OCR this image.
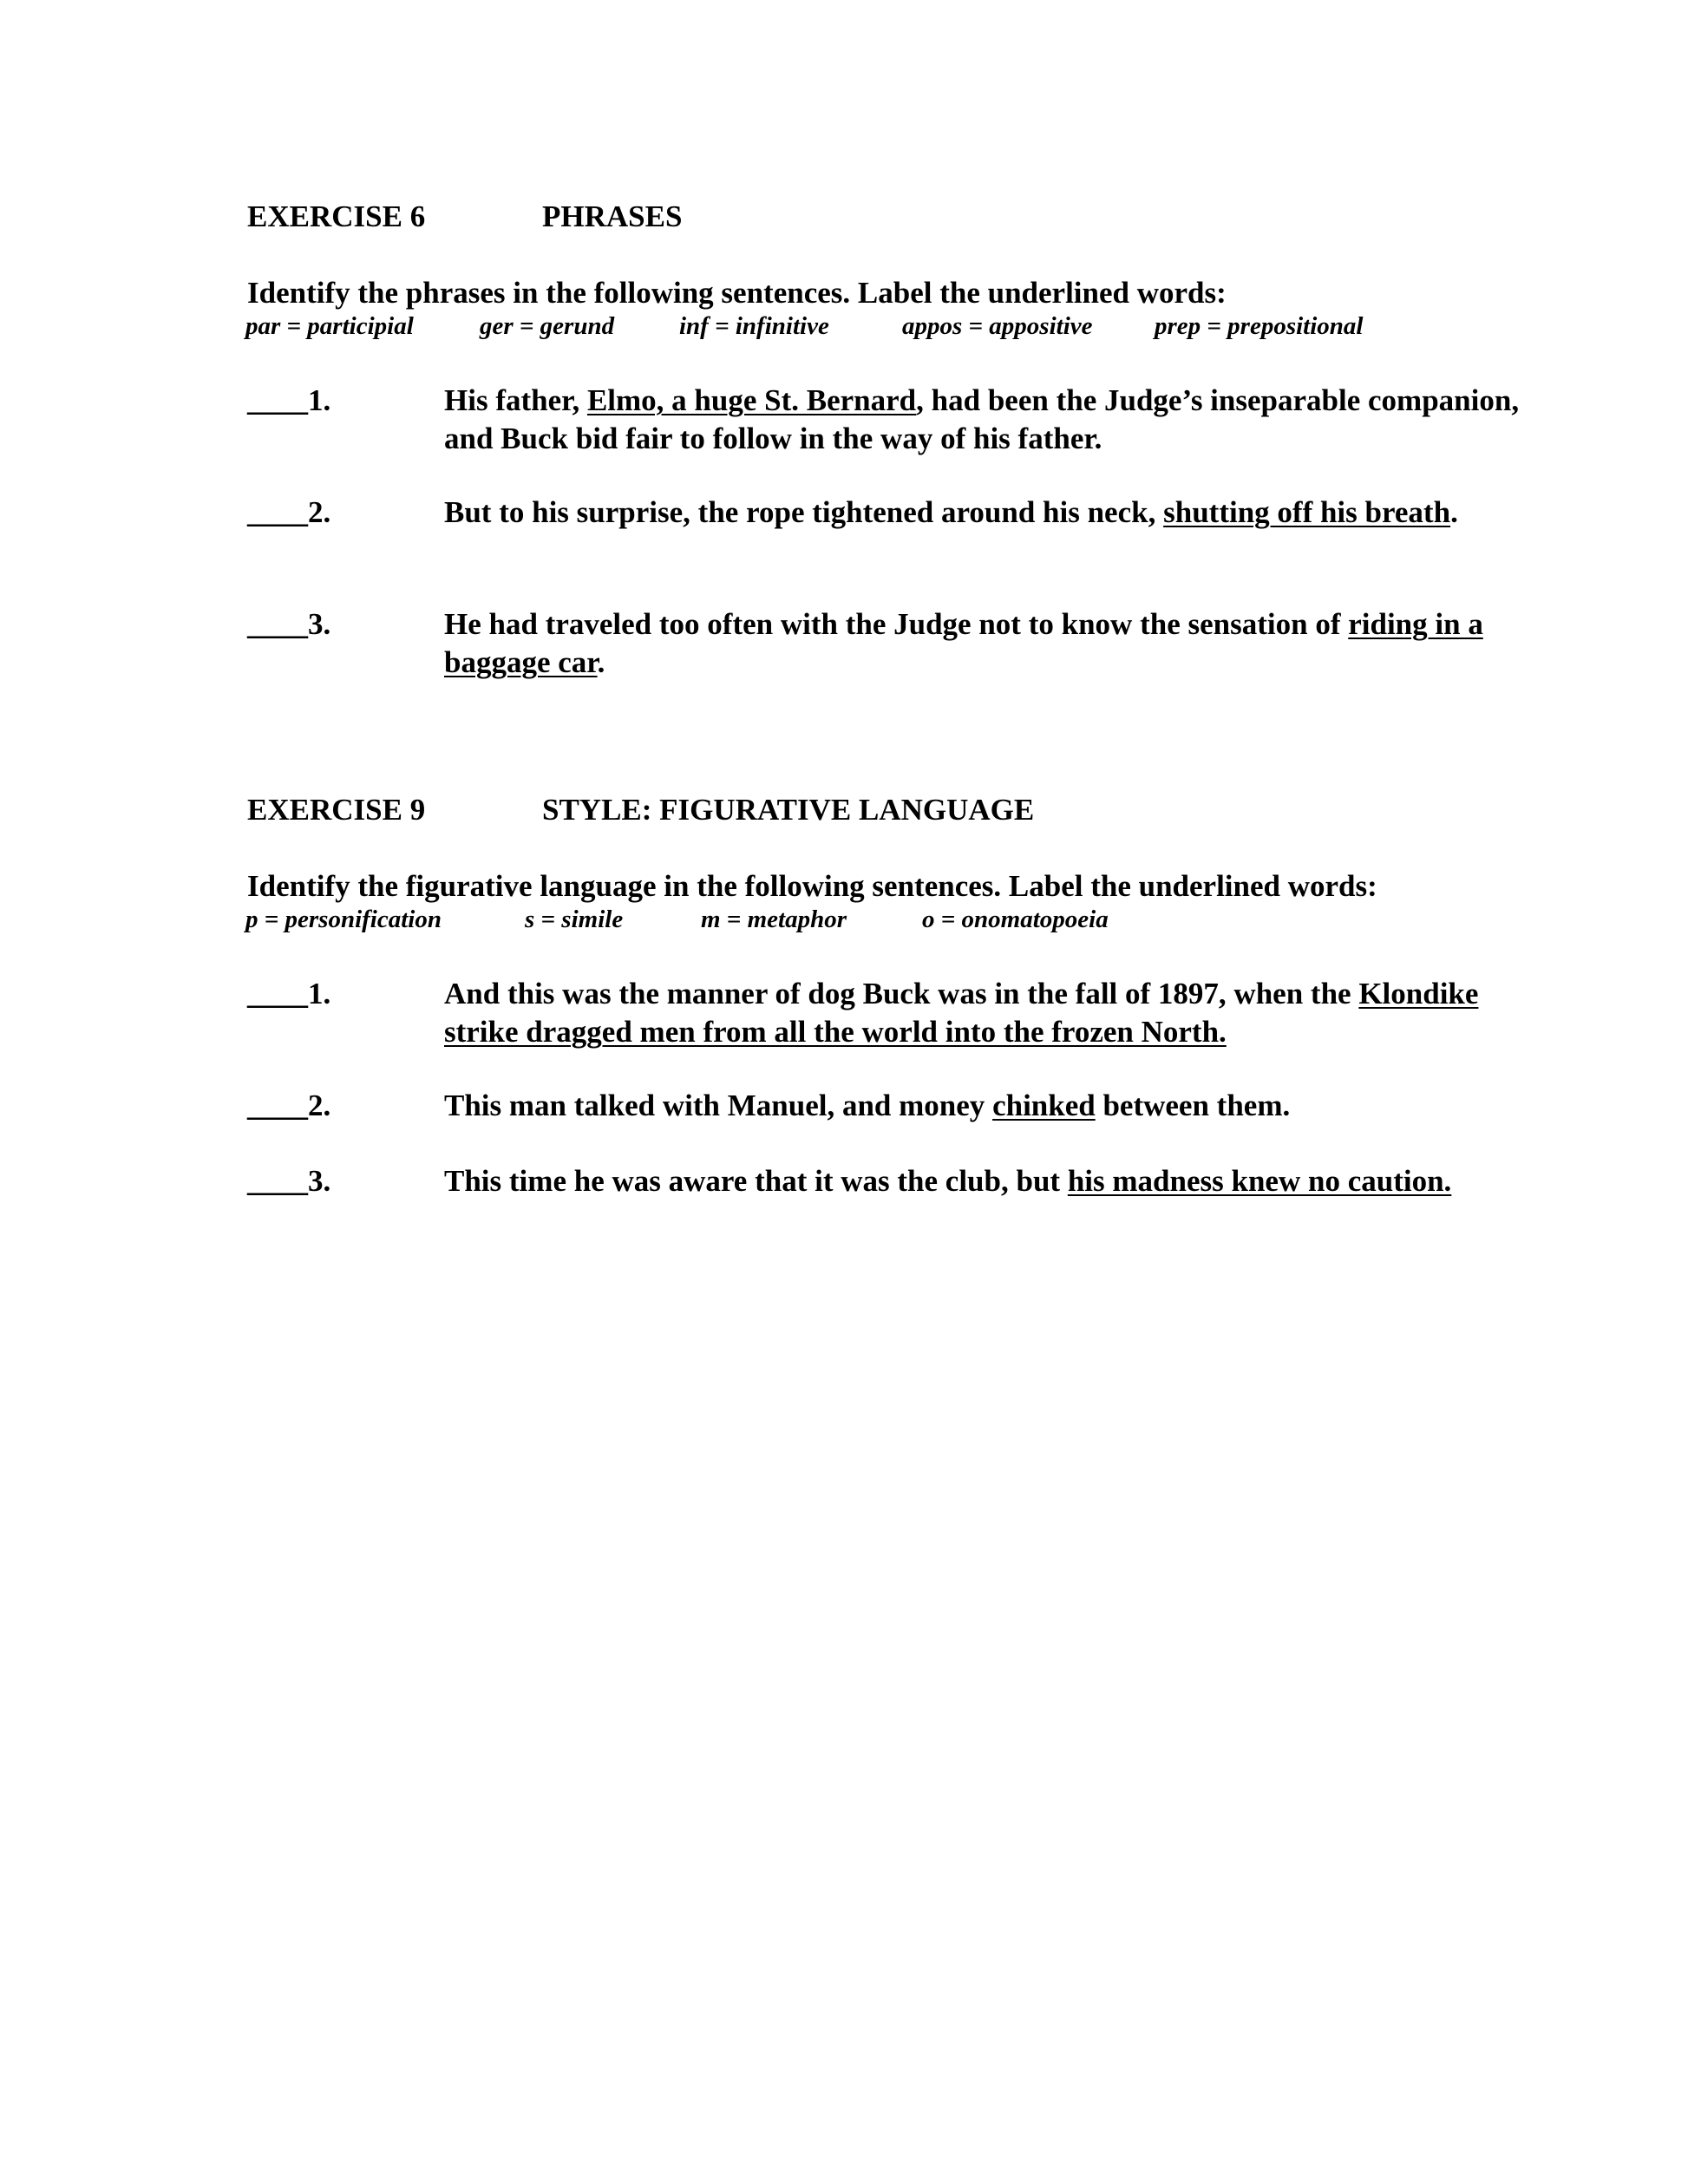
EXERCISE 6	PHRASES
Identify the phrases in the following sentences. Label the underlined words:
par = participial	ger = gerund	inf = infinitive	appos = appositive prep = prepositional
____1.	His father, Elmo, a huge St. Bernard, had been the Judge’s inseparable companion, and Buck bid fair to follow in the way of his father.
____2.	But to his surprise, the rope tightened around his neck, shutting off his breath.
____3.	He had traveled too often with the Judge not to know the sensation of riding in a baggage car.
EXERCISE 9	STYLE: FIGURATIVE LANGUAGE
Identify the figurative language in the following sentences. Label the underlined words:
p = personification	s = simile	m = metaphor	o = onomatopoeia
____1.	And this was the manner of dog Buck was in the fall of 1897, when the Klondike strike dragged men from all the world into the frozen North.
____2.	This man talked with Manuel, and money chinked between them.
____3.	This time he was aware that it was the club, but his madness knew no caution.
